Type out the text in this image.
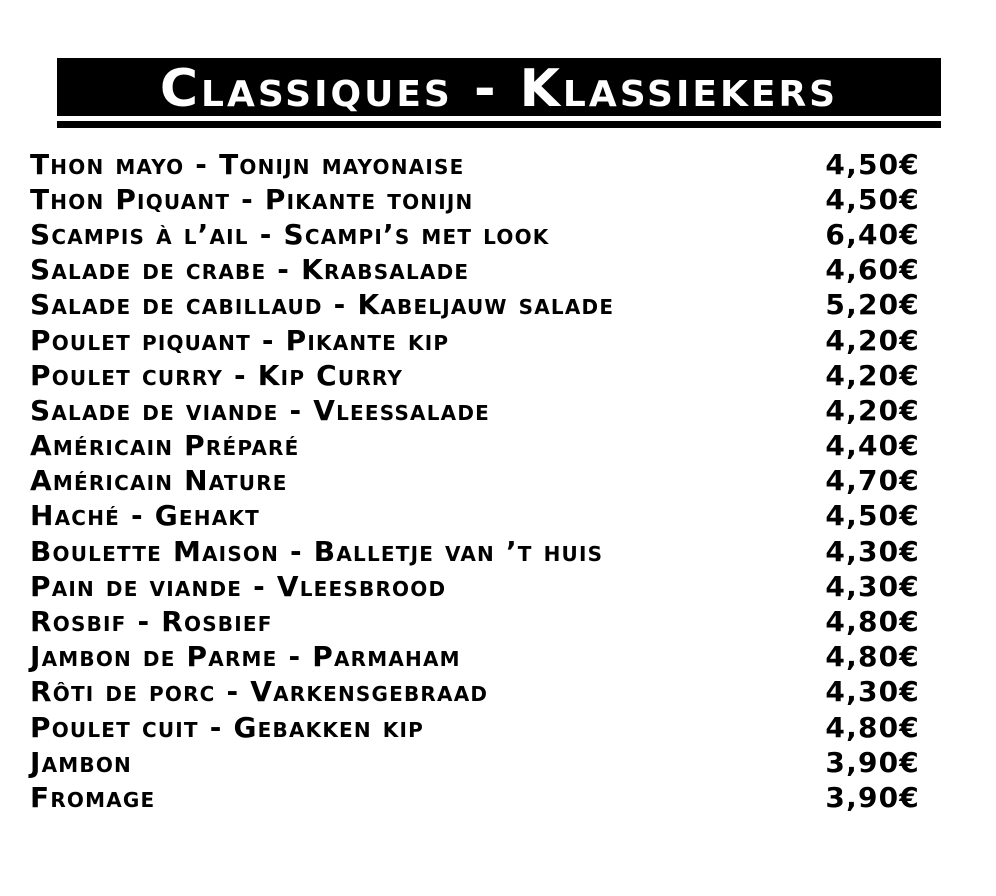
Classiques - Klassiekers
Thon mayo - Tonijn mayonaise	4,50€
Thon Piquant - Pikante tonijn	4,50€
Scampis à l’ail - Scampi’s met look	6,40€
Salade de crabe - Krabsalade	4,60€
Salade de cabillaud - Kabeljauw salade	5,20€
Poulet piquant - Pikante kip	4,20€
Poulet curry - Kip Curry	4,20€
Salade de viande - Vleessalade	4,20€
Américain Préparé	4,40€
Américain Nature	4,70€
Haché - Gehakt	4,50€
Boulette Maison - Balletje van ’t huis	4,30€
Pain de viande - Vleesbrood	4,30€
Rosbif - Rosbief	4,80€
Jambon de Parme - Parmaham	4,80€
Rôti de porc - Varkensgebraad	4,30€
Poulet cuit - Gebakken kip	4,80€
Jambon	3,90€
Fromage	3,90€
